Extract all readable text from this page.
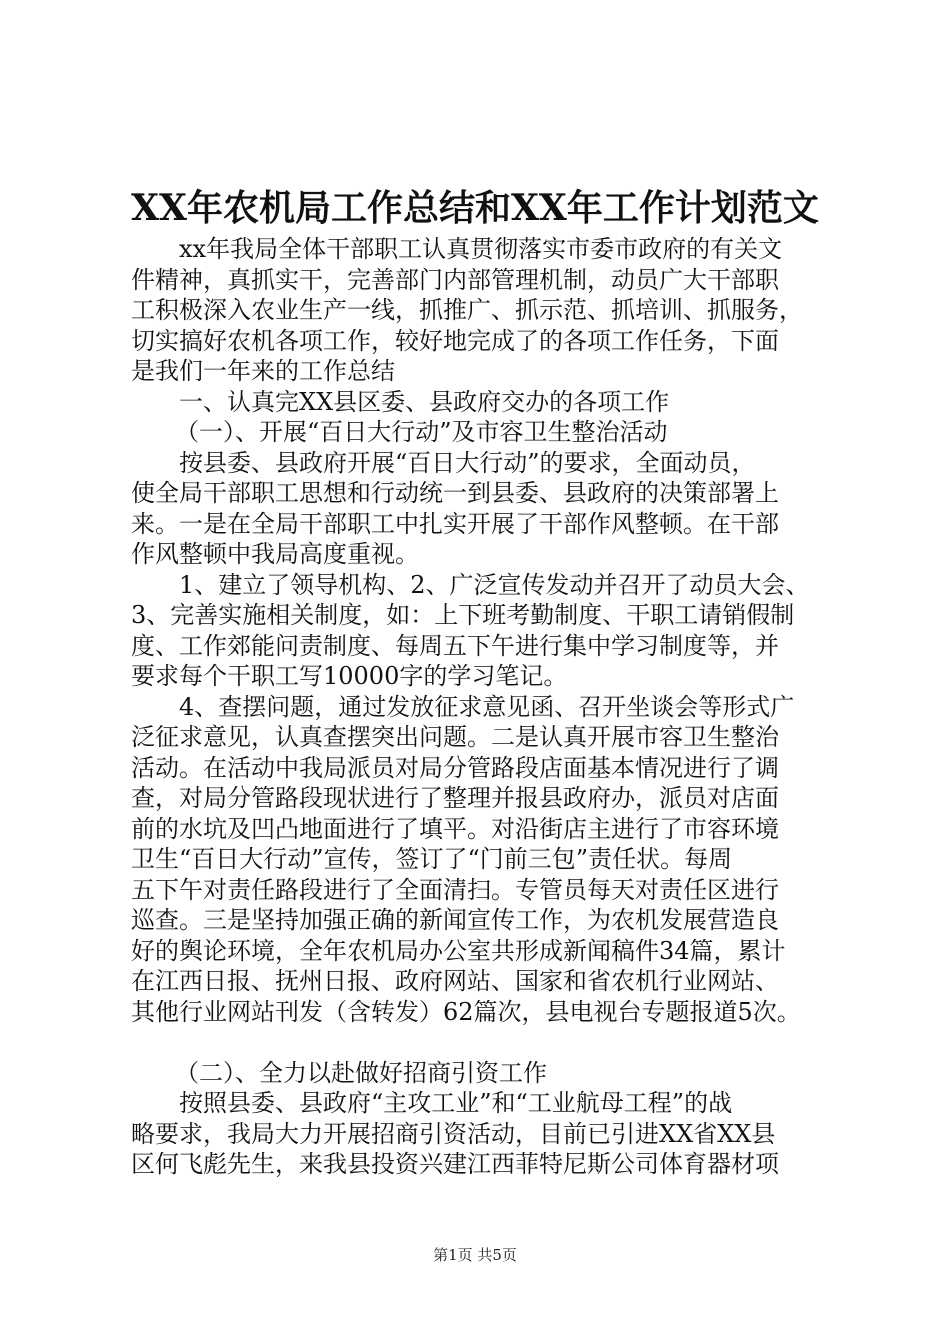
XX年农机局工作总结和XX年工作计划范文
xx年我局全体干部职工认真贯彻落实市委市政府的有关文
件精神，真抓实干，完善部门内部管理机制，动员广大干部职
工积极深入农业生产一线，抓推广、抓示范、抓培训、抓服务，
切实搞好农机各项工作，较好地完成了的各项工作任务，下面
是我们一年来的工作总结
一、认真完XX县区委、县政府交办的各项工作
（一）、开展“百日大行动”及市容卫生整治活动
按县委、县政府开展“百日大行动”的要求，全面动员，
使全局干部职工思想和行动统一到县委、县政府的决策部署上
来。一是在全局干部职工中扎实开展了干部作风整顿。在干部
作风整顿中我局高度重视。
1、建立了领导机构、2、广泛宣传发动并召开了动员大会、
3、完善实施相关制度，如：上下班考勤制度、干职工请销假制
度、工作郊能问责制度、每周五下午进行集中学习制度等，并
要求每个干职工写10000字的学习笔记。
4、查摆问题，通过发放征求意见函、召开坐谈会等形式广
泛征求意见，认真查摆突出问题。二是认真开展市容卫生整治
活动。在活动中我局派员对局分管路段店面基本情况进行了调
查，对局分管路段现状进行了整理并报县政府办，派员对店面
前的水坑及凹凸地面进行了填平。对沿街店主进行了市容环境
卫生“百日大行动”宣传，签订了“门前三包”责任状。每周
五下午对责任路段进行了全面清扫。专管员每天对责任区进行
巡查。三是坚持加强正确的新闻宣传工作，为农机发展营造良
好的舆论环境，全年农机局办公室共形成新闻稿件34篇，累计
在江西日报、抚州日报、政府网站、国家和省农机行业网站、
其他行业网站刊发（含转发）62篇次，县电视台专题报道5次。
（二）、全力以赴做好招商引资工作
按照县委、县政府“主攻工业”和“工业航母工程”的战
略要求，我局大力开展招商引资活动，目前已引进XX省XX县
区何飞彪先生，来我县投资兴建江西菲特尼斯公司体育器材项
第1页 共5页
